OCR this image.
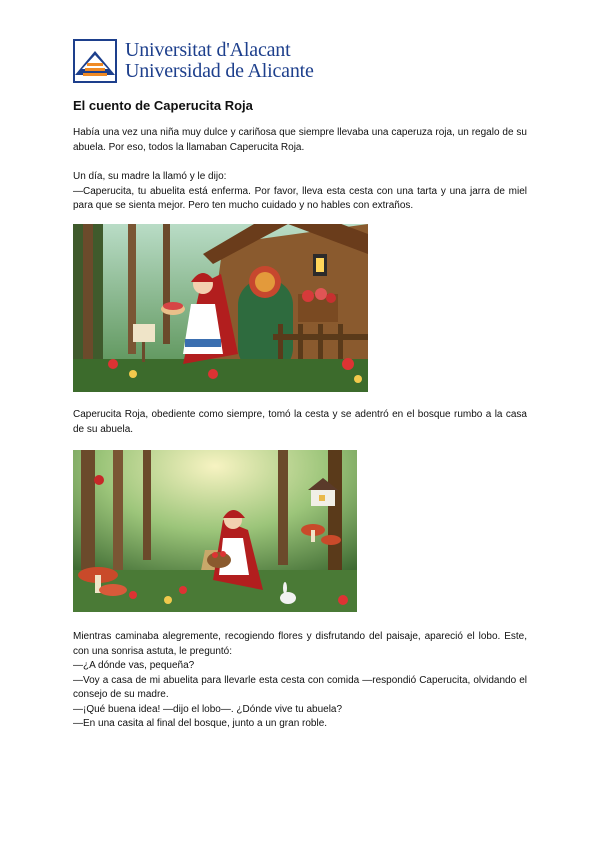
Universitat d'Alacant
Universidad de Alicante
El cuento de Caperucita Roja

Había una vez una niña muy dulce y cariñosa que siempre llevaba una caperuza roja, un regalo de su abuela. Por eso, todos la llamaban Caperucita Roja.

Un día, su madre la llamó y le dijo:

—Caperucita, tu abuelita está enferma. Por favor, lleva esta cesta con una tarta y una jarra de miel para que se sienta mejor. Pero ten mucho cuidado y no hables con extraños.

Caperucita Roja, obediente como siempre, tomó la cesta y se adentró en el bosque rumbo a la casa de su abuela.

Mientras caminaba alegremente, recogiendo flores y disfrutando del paisaje, apareció el lobo. Este, con una sonrisa astuta, le preguntó:

—¿A dónde vas, pequeña?

—Voy a casa de mi abuelita para llevarle esta cesta con comida —respondió Caperucita, olvidando el consejo de su madre.

—¡Qué buena idea! —dijo el lobo—. ¿Dónde vive tu abuela?

—En una casita al final del bosque, junto a un gran roble.
